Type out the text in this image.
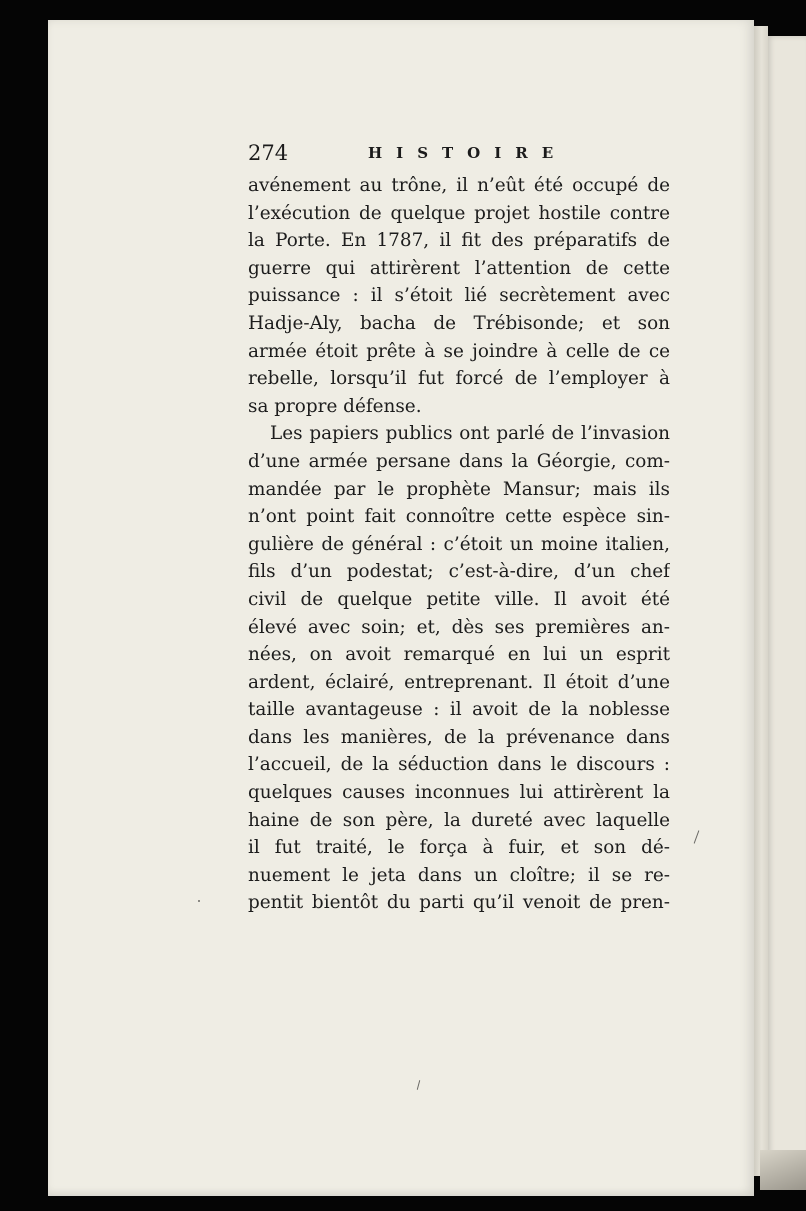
274	HISTOIRE
avénement au trône, il n’eût été occupé de
l’exécution de quelque projet hostile contre
la Porte. En 1787, il fit des préparatifs de
guerre qui attirèrent l’attention de cette
puissance : il s’étoit lié secrètement avec
Hadje-Aly, bacha de Trébisonde; et son
armée étoit prête à se joindre à celle de ce
rebelle, lorsqu’il fut forcé de l’employer à
sa propre défense.
Les papiers publics ont parlé de l’invasion
d’une armée persane dans la Géorgie, com-
mandée par le prophète Mansur; mais ils
n’ont point fait connoître cette espèce sin-
gulière de général : c’étoit un moine italien,
fils d’un podestat; c’est-à-dire, d’un chef
civil de quelque petite ville. Il avoit été
élevé avec soin; et, dès ses premières an-
nées, on avoit remarqué en lui un esprit
ardent, éclairé, entreprenant. Il étoit d’une
taille avantageuse : il avoit de la noblesse
dans les manières, de la prévenance dans
l’accueil, de la séduction dans le discours :
quelques causes inconnues lui attirèrent la
haine de son père, la dureté avec laquelle
il fut traité, le força à fuir, et son dé-
nuement le jeta dans un cloître; il se re-
pentit bientôt du parti qu’il venoit de pren-
